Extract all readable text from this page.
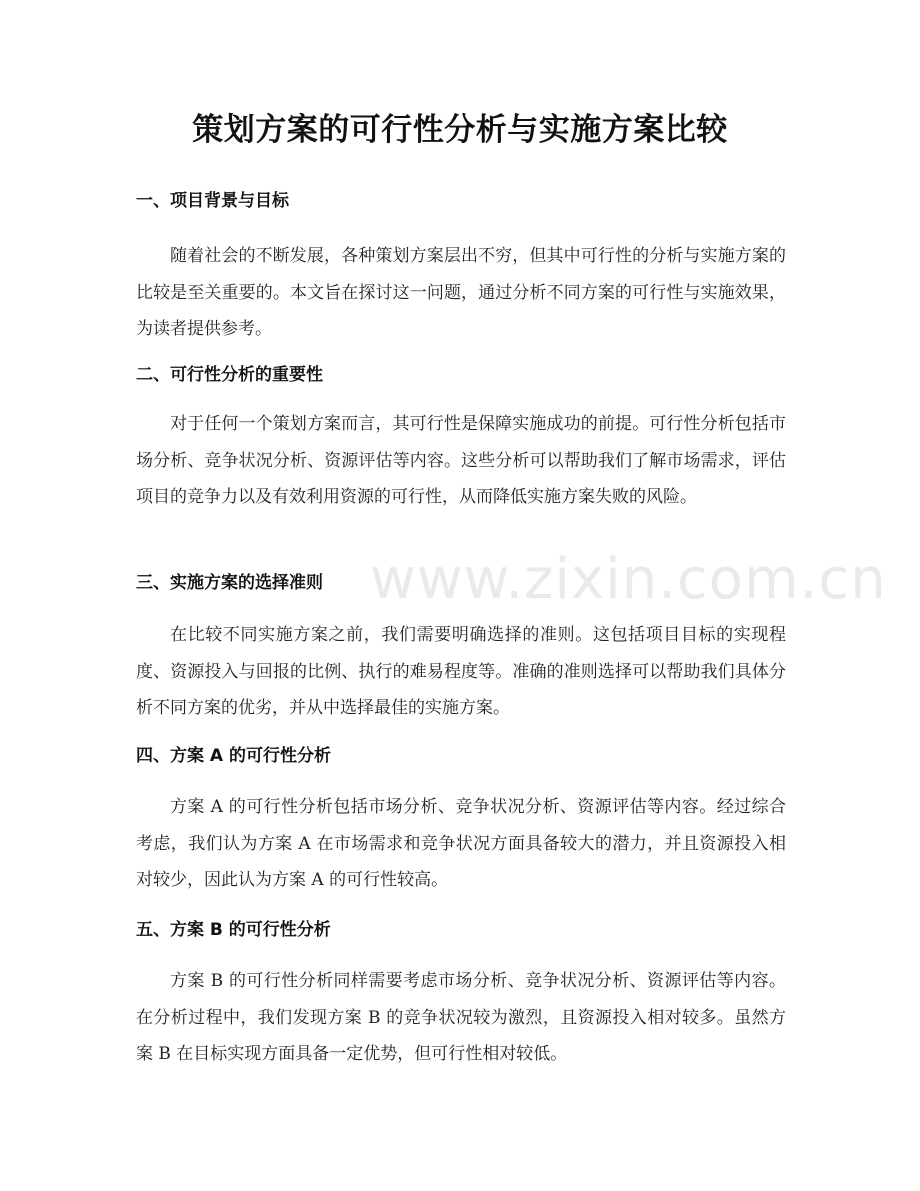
策划方案的可行性分析与实施方案比较
一、项目背景与目标

随着社会的不断发展，各种策划方案层出不穷，但其中可行性的分析与实施方案的比较是至关重要的。本文旨在探讨这一问题，通过分析不同方案的可行性与实施效果，为读者提供参考。

二、可行性分析的重要性

对于任何一个策划方案而言，其可行性是保障实施成功的前提。可行性分析包括市场分析、竞争状况分析、资源评估等内容。这些分析可以帮助我们了解市场需求，评估项目的竞争力以及有效利用资源的可行性，从而降低实施方案失败的风险。

三、实施方案的选择准则

在比较不同实施方案之前，我们需要明确选择的准则。这包括项目目标的实现程度、资源投入与回报的比例、执行的难易程度等。准确的准则选择可以帮助我们具体分析不同方案的优劣，并从中选择最佳的实施方案。

四、方案 A 的可行性分析

方案 A 的可行性分析包括市场分析、竞争状况分析、资源评估等内容。经过综合考虑，我们认为方案 A 在市场需求和竞争状况方面具备较大的潜力，并且资源投入相对较少，因此认为方案 A 的可行性较高。

五、方案 B 的可行性分析

方案 B 的可行性分析同样需要考虑市场分析、竞争状况分析、资源评估等内容。在分析过程中，我们发现方案 B 的竞争状况较为激烈，且资源投入相对较多。虽然方案 B 在目标实现方面具备一定优势，但可行性相对较低。

www.zixin.com.cn
